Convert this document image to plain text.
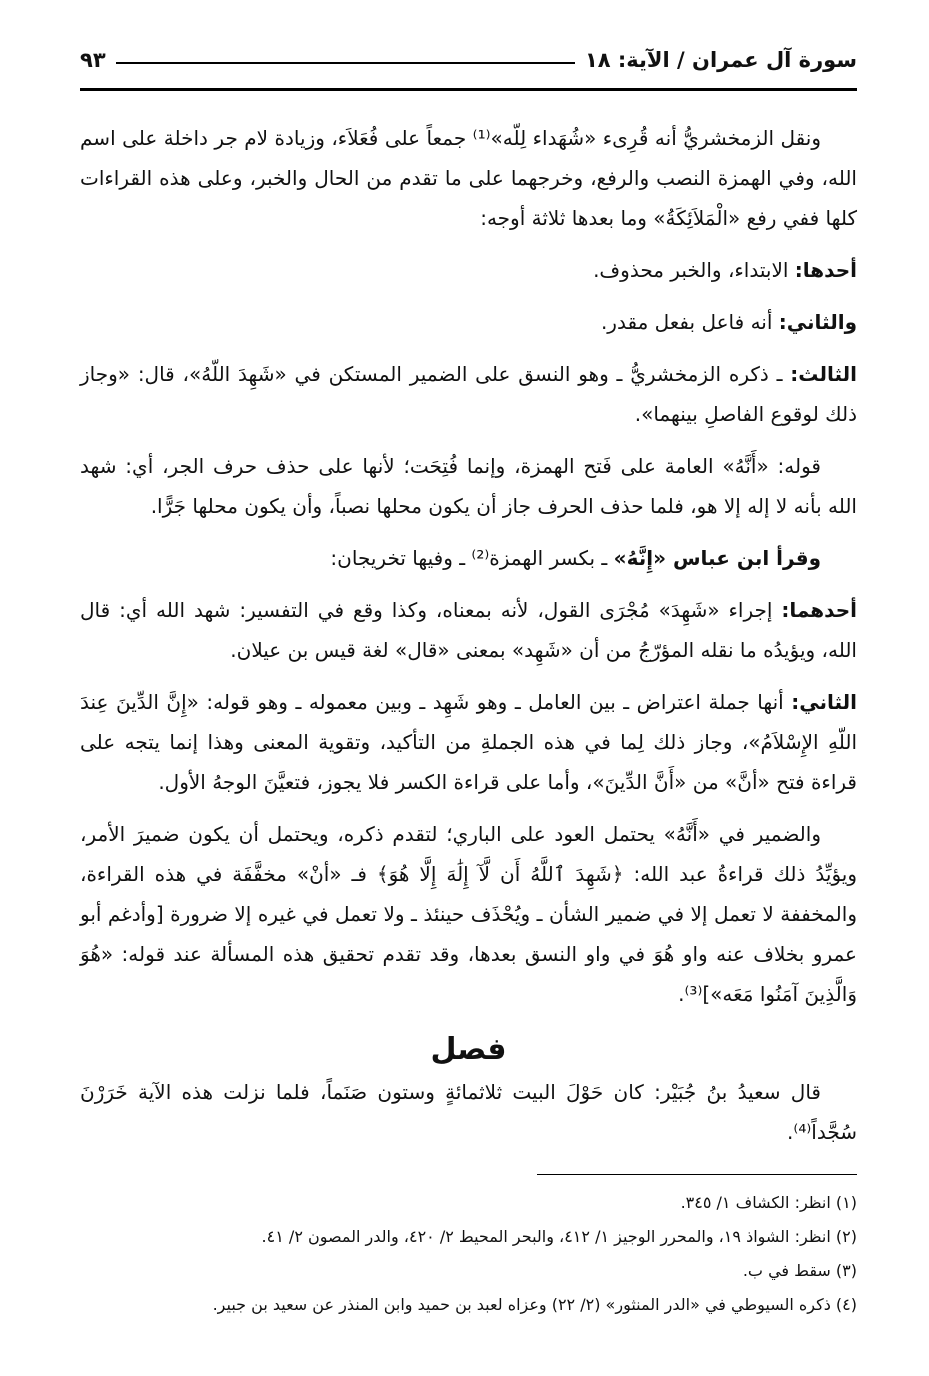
سورة آل عمران / الآية: ١٨
٩٣

ونقل الزمخشريُّ أنه قُرِىء «شُهَداء لِلّه»⁽¹⁾ جمعاً على فُعَلاَء، وزيادة لام جر داخلة على اسم الله، وفي الهمزة النصب والرفع، وخرجهما على ما تقدم من الحال والخبر، وعلى هذه القراءات كلها ففي رفع «الْمَلاَئِكَةُ» وما بعدها ثلاثة أوجه:

أحدها: الابتداء، والخبر محذوف.

والثاني: أنه فاعل بفعل مقدر.

الثالث: ـ ذكره الزمخشريُّ ـ وهو النسق على الضمير المستكن في «شَهِدَ اللّهُ»، قال: «وجاز ذلك لوقوع الفاصلِ بينهما».

قوله: «أَنَّهُ» العامة على فَتح الهمزة، وإنما فُتِحَت؛ لأنها على حذف حرف الجر، أي: شهد الله بأنه لا إله إلا هو، فلما حذف الحرف جاز أن يكون محلها نصباً، وأن يكون محلها جَرًّا.

وقرأ ابن عباس «إِنَّهُ» ـ بكسر الهمزة⁽²⁾ ـ وفيها تخريجان:

أحدهما: إجراء «شَهِدَ» مُجْرَى القول، لأنه بمعناه، وكذا وقع في التفسير: شهد الله أي: قال الله، ويؤيدُه ما نقله المؤرّجُ من أن «شَهِد» بمعنى «قال» لغة قيس بن عيلان.

الثاني: أنها جملة اعتراض ـ بين العامل ـ وهو شَهِد ـ وبين معموله ـ وهو قوله: «إِنَّ الدِّينَ عِندَ اللّهِ الإِسْلاَمُ»، وجاز ذلك لِما في هذه الجملةِ من التأكيد، وتقوية المعنى وهذا إنما يتجه على قراءة فتح «أنَّ» من «أَنَّ الدِّينَ»، وأما على قراءة الكسر فلا يجوز، فتعيَّنَ الوجهُ الأول.

والضمير في «أَنَّهُ» يحتمل العود على الباري؛ لتقدم ذكره، ويحتمل أن يكون ضميرَ الأمر، ويؤيِّدُ ذلك قراءةُ عبد الله: ﴿شَهِدَ ٱللَّهُ أَن لَّآ إِلَٰهَ إِلَّا هُوَ﴾ فـ «أنْ» مخفَّفَة في هذه القراءة، والمخففة لا تعمل إلا في ضمير الشأن ـ ويُحْذَف حينئذ ـ ولا تعمل في غيره إلا ضرورة [وأدغم أبو عمرو بخلاف عنه واو هُوَ في واو النسق بعدها، وقد تقدم تحقيق هذه المسألة عند قوله: «هُوَ وَالَّذِينَ آمَنُوا مَعَه»]⁽³⁾.

فصل

قال سعيدُ بنُ جُبَيْر: كان حَوْلَ البيت ثلاثمائةٍ وستون صَنَماً، فلما نزلت هذه الآية خَرَرْنَ سُجَّداً⁽⁴⁾.

(١) انظر: الكشاف ١/ ٣٤٥.
(٢) انظر: الشواذ ١٩، والمحرر الوجيز ١/ ٤١٢، والبحر المحيط ٢/ ٤٢٠، والدر المصون ٢/ ٤١.
(٣) سقط في ب.
(٤) ذكره السيوطي في «الدر المنثور» (٢/ ٢٢) وعزاه لعبد بن حميد وابن المنذر عن سعيد بن جبير.
